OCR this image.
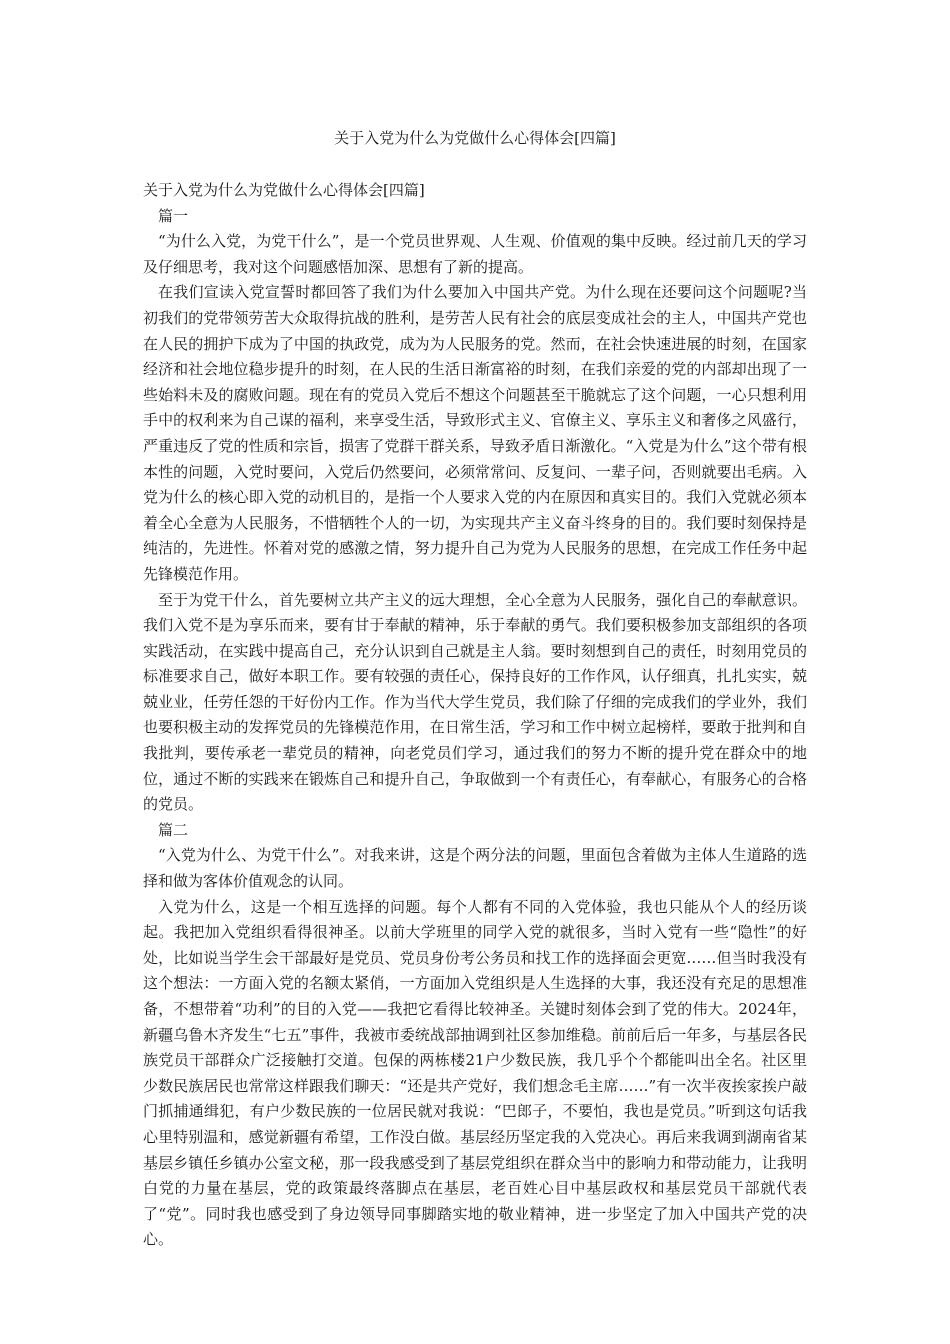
关于入党为什么为党做什么心得体会[四篇]

关于入党为什么为党做什么心得体会[四篇]

篇一

“为什么入党，为党干什么”，是一个党员世界观、人生观、价值观的集中反映。经过前几天的学习及仔细思考，我对这个问题感悟加深、思想有了新的提高。

在我们宣读入党宣誓时都回答了我们为什么要加入中国共产党。为什么现在还要问这个问题呢?当初我们的党带领劳苦大众取得抗战的胜利，是劳苦人民有社会的底层变成社会的主人，中国共产党也在人民的拥护下成为了中国的执政党，成为为人民服务的党。然而，在社会快速进展的时刻，在国家经济和社会地位稳步提升的时刻，在人民的生活日渐富裕的时刻，在我们亲爱的党的内部却出现了一些始料未及的腐败问题。现在有的党员入党后不想这个问题甚至干脆就忘了这个问题，一心只想利用手中的权利来为自己谋的福利，来享受生活，导致形式主义、官僚主义、享乐主义和奢侈之风盛行，严重违反了党的性质和宗旨，损害了党群干群关系，导致矛盾日渐激化。“入党是为什么”这个带有根本性的问题，入党时要问，入党后仍然要问，必须常常问、反复问、一辈子问，否则就要出毛病。入党为什么的核心即入党的动机目的，是指一个人要求入党的内在原因和真实目的。我们入党就必须本着全心全意为人民服务，不惜牺牲个人的一切，为实现共产主义奋斗终身的目的。我们要时刻保持是纯洁的，先进性。怀着对党的感激之情，努力提升自己为党为人民服务的思想，在完成工作任务中起先锋模范作用。

至于为党干什么，首先要树立共产主义的远大理想，全心全意为人民服务，强化自己的奉献意识。我们入党不是为享乐而来，要有甘于奉献的精神，乐于奉献的勇气。我们要积极参加支部组织的各项实践活动，在实践中提高自己，充分认识到自己就是主人翁。要时刻想到自己的责任，时刻用党员的标准要求自己，做好本职工作。要有较强的责任心，保持良好的工作作风，认仔细真，扎扎实实，兢兢业业，任劳任怨的干好份内工作。作为当代大学生党员，我们除了仔细的完成我们的学业外，我们也要积极主动的发挥党员的先锋模范作用，在日常生活，学习和工作中树立起榜样，要敢于批判和自我批判，要传承老一辈党员的精神，向老党员们学习，通过我们的努力不断的提升党在群众中的地位，通过不断的实践来在锻炼自己和提升自己，争取做到一个有责任心，有奉献心，有服务心的合格的党员。

篇二

“入党为什么、为党干什么”。对我来讲，这是个两分法的问题，里面包含着做为主体人生道路的选择和做为客体价值观念的认同。

入党为什么，这是一个相互选择的问题。每个人都有不同的入党体验，我也只能从个人的经历谈起。我把加入党组织看得很神圣。以前大学班里的同学入党的就很多，当时入党有一些“隐性”的好处，比如说当学生会干部最好是党员、党员身份考公务员和找工作的选择面会更宽……但当时我没有这个想法：一方面入党的名额太紧俏，一方面加入党组织是人生选择的大事，我还没有充足的思想准备，不想带着“功利”的目的入党——我把它看得比较神圣。关键时刻体会到了党的伟大。2024年，新疆乌鲁木齐发生“七五”事件，我被市委统战部抽调到社区参加维稳。前前后后一年多，与基层各民族党员干部群众广泛接触打交道。包保的两栋楼21户少数民族，我几乎个个都能叫出全名。社区里少数民族居民也常常这样跟我们聊天：“还是共产党好，我们想念毛主席……”有一次半夜挨家挨户敲门抓捕通缉犯，有户少数民族的一位居民就对我说：“巴郎子，不要怕，我也是党员。”听到这句话我心里特别温和，感觉新疆有希望，工作没白做。基层经历坚定我的入党决心。再后来我调到湖南省某基层乡镇任乡镇办公室文秘，那一段我感受到了基层党组织在群众当中的影响力和带动能力，让我明白党的力量在基层，党的政策最终落脚点在基层，老百姓心目中基层政权和基层党员干部就代表了“党”。同时我也感受到了身边领导同事脚踏实地的敬业精神，进一步坚定了加入中国共产党的决心。
